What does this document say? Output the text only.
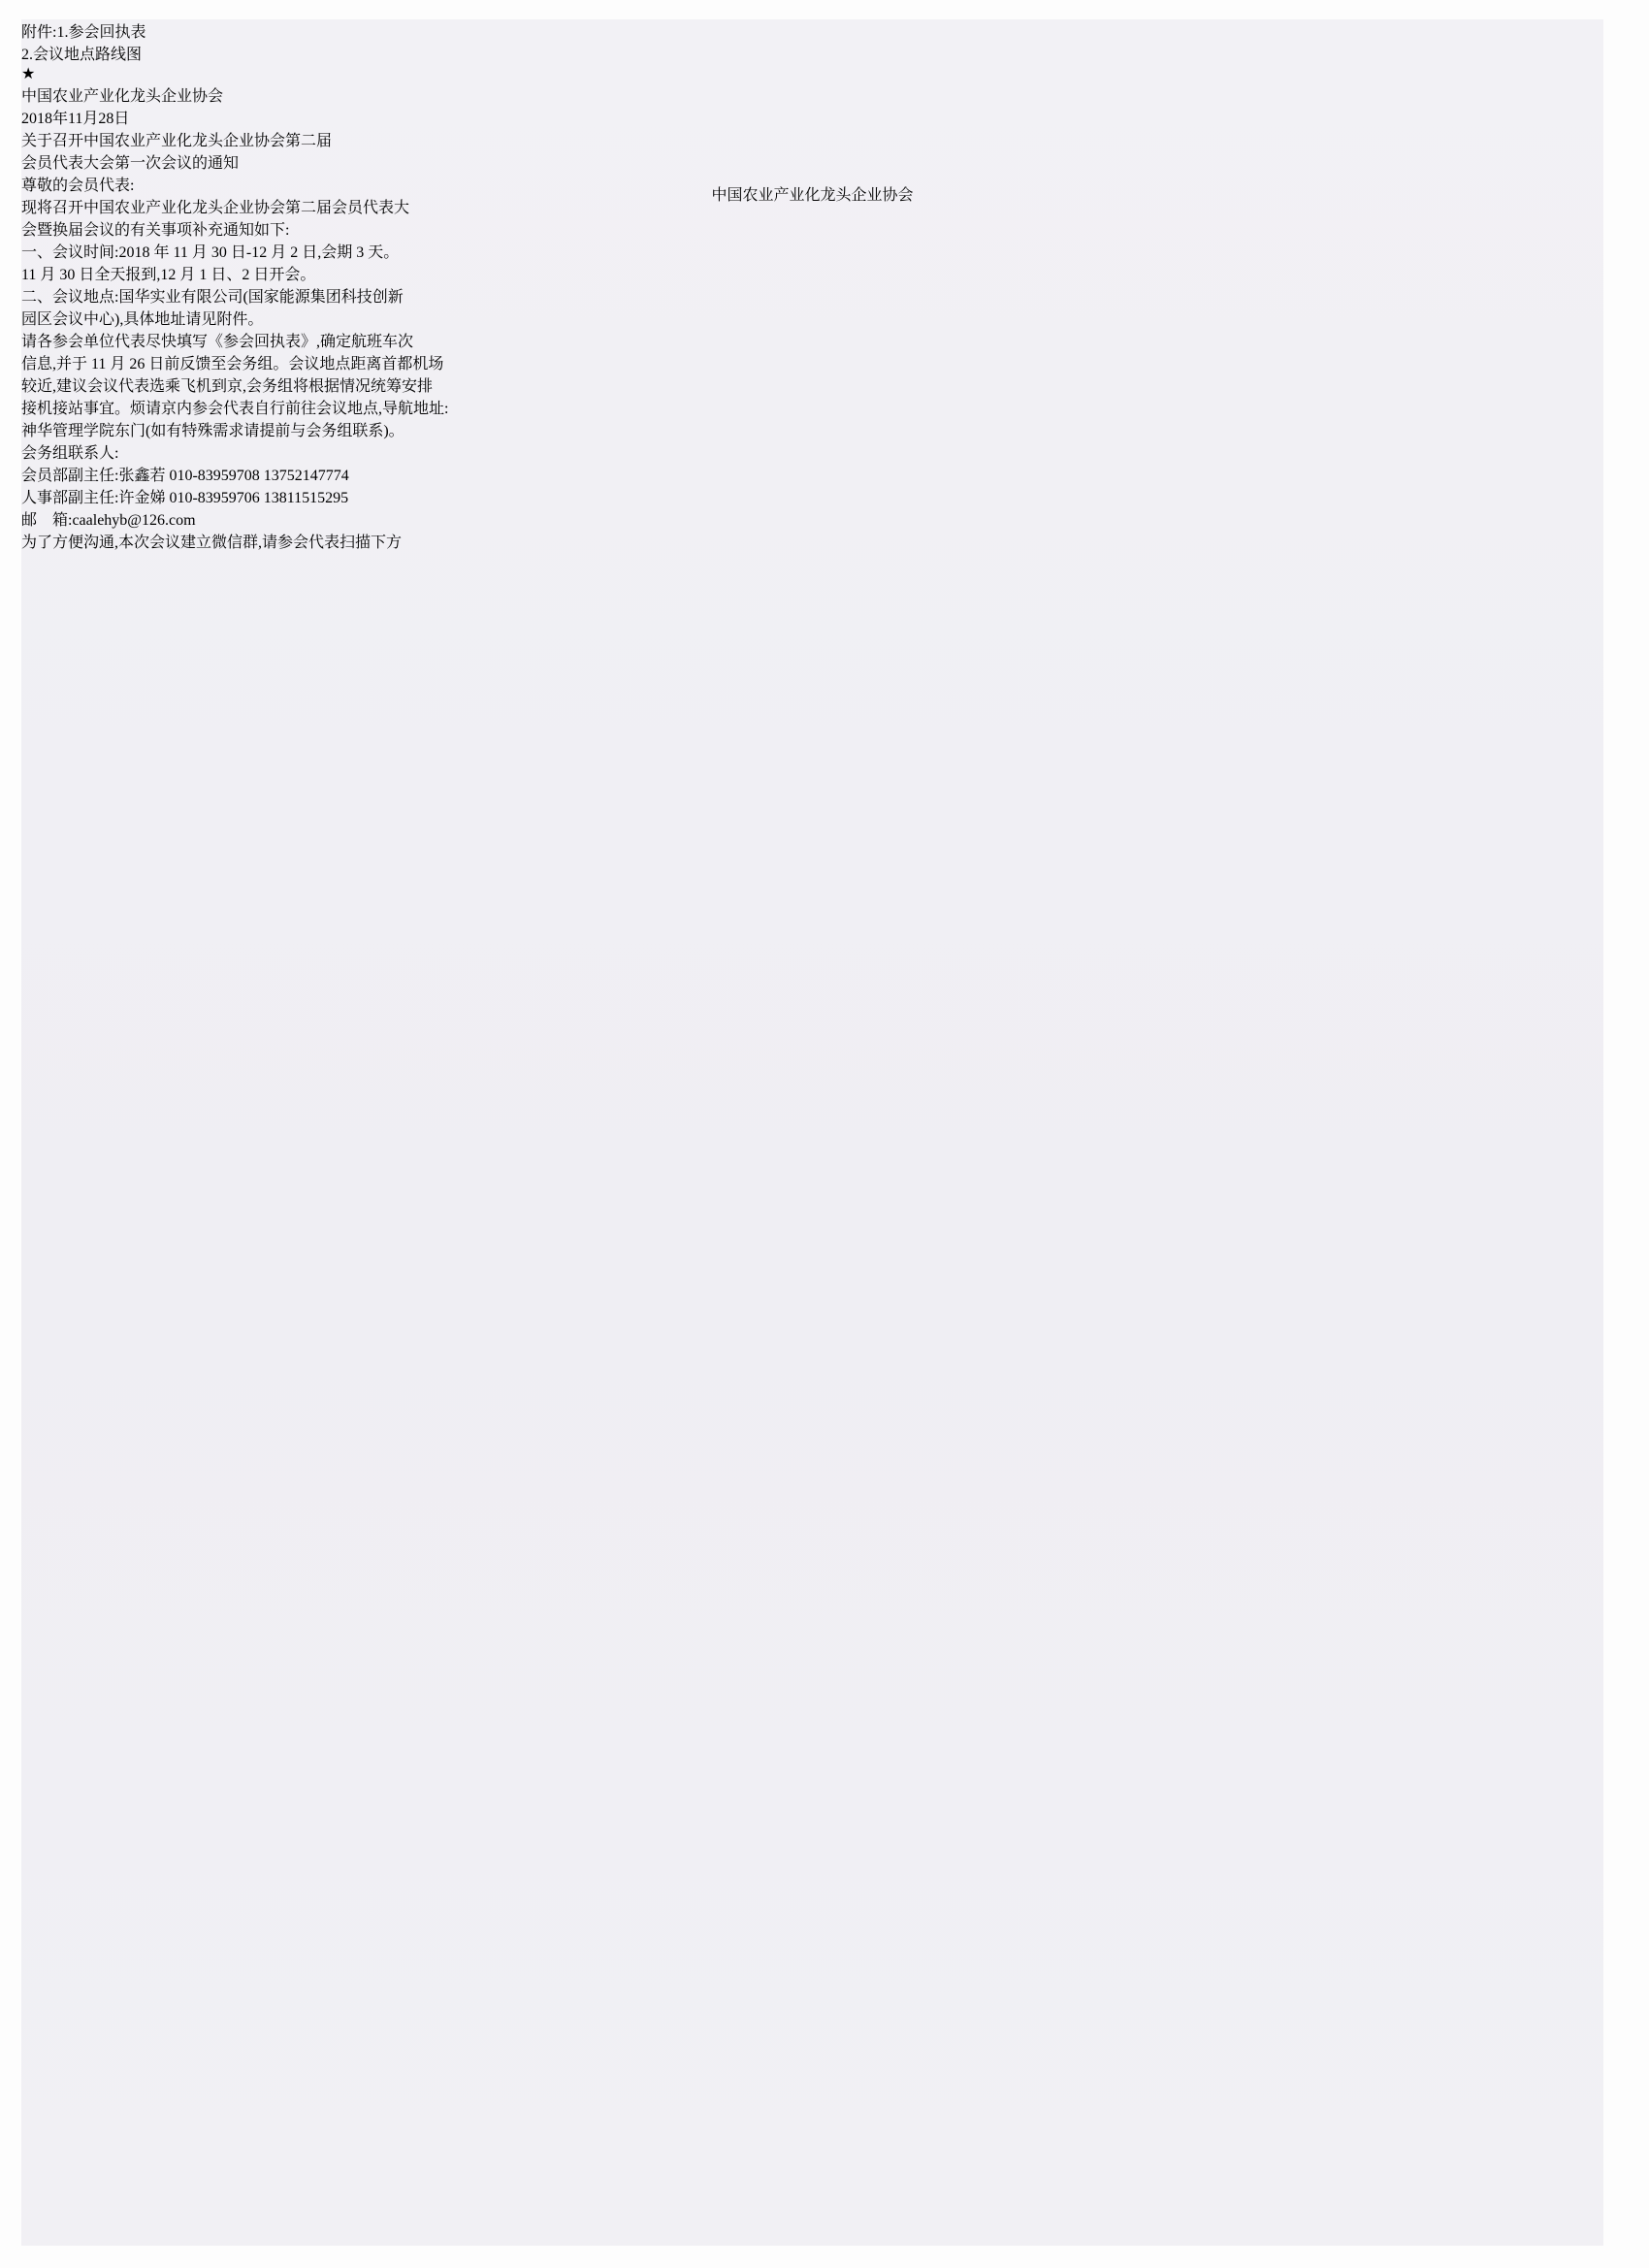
附件:1.参会回执表
2.会议地点路线图
★
中国农业产业化龙头企业协会
2018年11月28日
中国农业产业化龙头企业协会
关于召开中国农业产业化龙头企业协会第二届
会员代表大会第一次会议的通知
尊敬的会员代表:
现将召开中国农业产业化龙头企业协会第二届会员代表大
会暨换届会议的有关事项补充通知如下:
一、会议时间:2018 年 11 月 30 日-12 月 2 日,会期 3 天。
11 月 30 日全天报到,12 月 1 日、2 日开会。
二、会议地点:国华实业有限公司(国家能源集团科技创新
园区会议中心),具体地址请见附件。
请各参会单位代表尽快填写《参会回执表》,确定航班车次
信息,并于 11 月 26 日前反馈至会务组。会议地点距离首都机场
较近,建议会议代表选乘飞机到京,会务组将根据情况统筹安排
接机接站事宜。烦请京内参会代表自行前往会议地点,导航地址:
神华管理学院东门(如有特殊需求请提前与会务组联系)。
会务组联系人:
会员部副主任:张鑫若 010-83959708 13752147774
人事部副主任:许金娣 010-83959706 13811515295
邮　箱:caalehyb@126.com
为了方便沟通,本次会议建立微信群,请参会代表扫描下方
